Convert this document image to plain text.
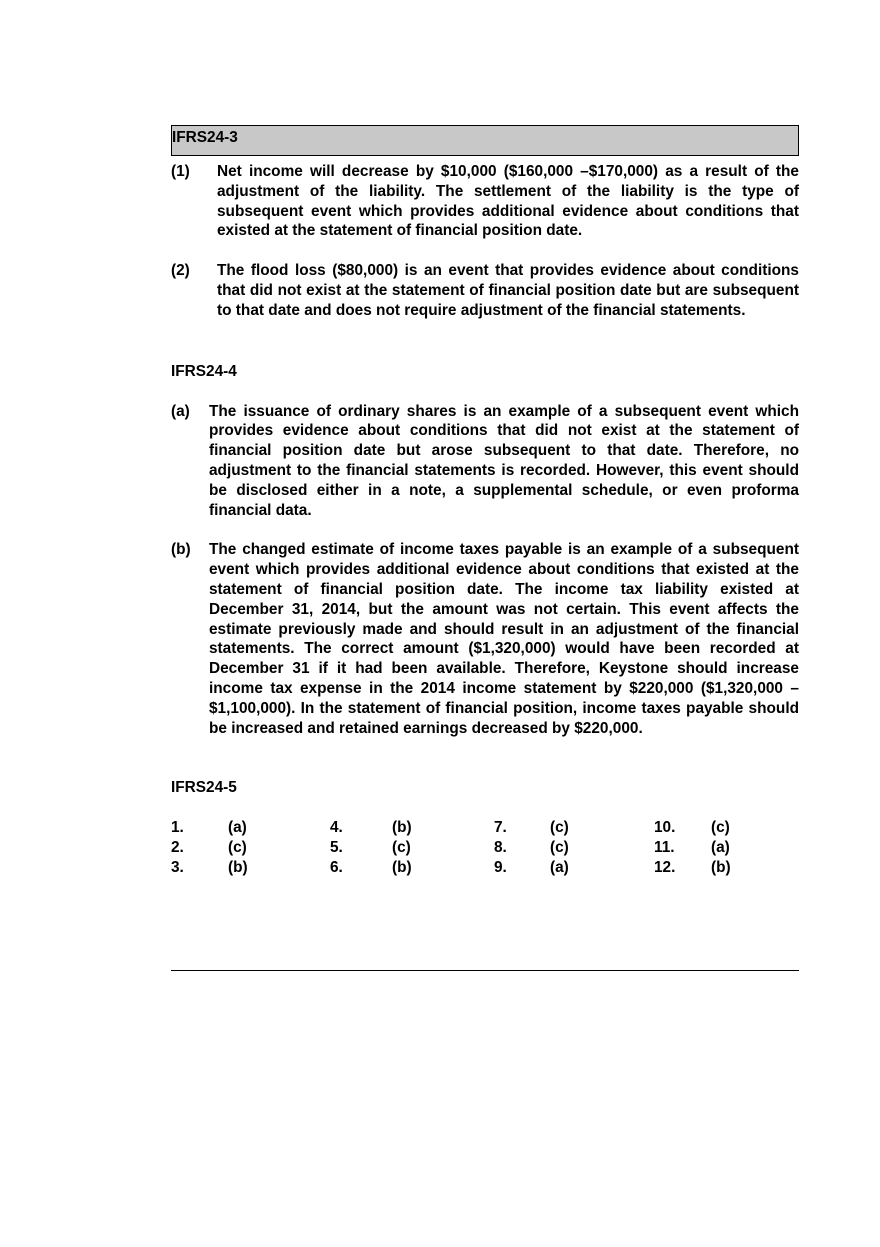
IFRS24-3
(1)	Net income will decrease by $10,000 ($160,000 –$170,000) as a result of the adjustment of the liability. The settlement of the liability is the type of subsequent event which provides additional evidence about conditions that existed at the statement of financial position date.
(2)	The flood loss ($80,000) is an event that provides evidence about conditions that did not exist at the statement of financial position date but are subsequent to that date and does not require adjustment of the financial statements.
IFRS24-4
(a)	The issuance of ordinary shares is an example of a subsequent event which provides evidence about conditions that did not exist at the statement of financial position date but arose subsequent to that date. Therefore, no adjustment to the financial statements is recorded. However, this event should be disclosed either in a note, a supplemental schedule, or even proforma financial data.
(b)	The changed estimate of income taxes payable is an example of a subsequent event which provides additional evidence about conditions that existed at the statement of financial position date. The income tax liability existed at December 31, 2014, but the amount was not certain. This event affects the estimate previously made and should result in an adjustment of the financial statements. The correct amount ($1,320,000) would have been recorded at December 31 if it had been available. Therefore, Keystone should increase income tax expense in the 2014 income statement by $220,000 ($1,320,000 – $1,100,000). In the statement of financial position, income taxes payable should be increased and retained earnings decreased by $220,000.
IFRS24-5
1.	(a)	4.	(b)	7.	(c)	10.	(c)
2.	(c)	5.	(c)	8.	(c)	11.	(a)
3.	(b)	6.	(b)	9.	(a)	12.	(b)
